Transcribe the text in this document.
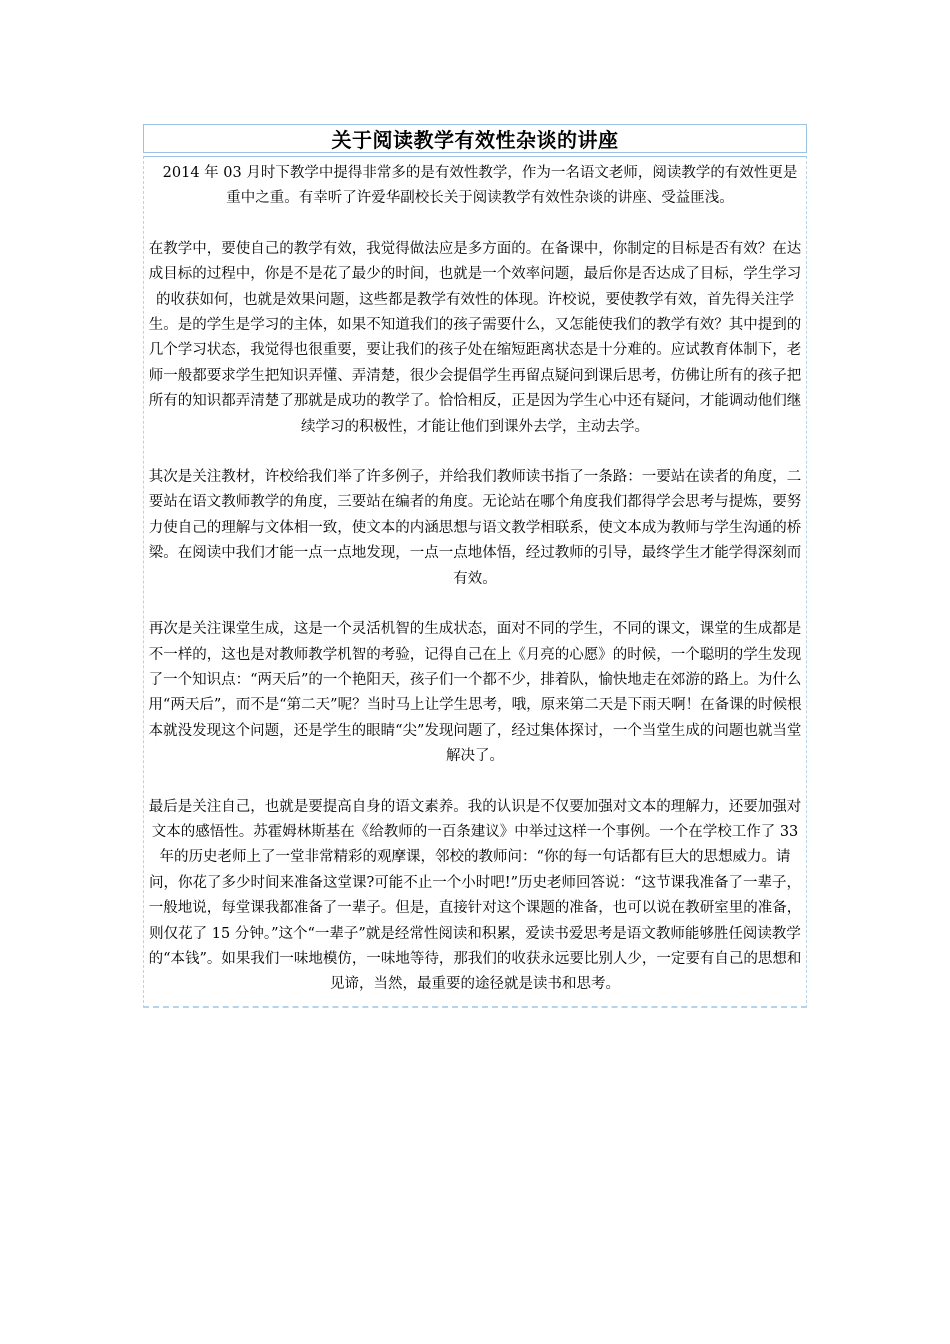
关于阅读教学有效性杂谈的讲座

2014 年 03 月时下教学中提得非常多的是有效性教学，作为一名语文老师，阅读教学的有效性更是重中之重。有幸听了许爱华副校长关于阅读教学有效性杂谈的讲座、受益匪浅。

在教学中，要使自己的教学有效，我觉得做法应是多方面的。在备课中，你制定的目标是否有效？在达成目标的过程中，你是不是花了最少的时间，也就是一个效率问题，最后你是否达成了目标，学生学习的收获如何，也就是效果问题，这些都是教学有效性的体现。许校说，要使教学有效，首先得关注学生。是的学生是学习的主体，如果不知道我们的孩子需要什么，又怎能使我们的教学有效？其中提到的几个学习状态，我觉得也很重要，要让我们的孩子处在缩短距离状态是十分难的。应试教育体制下，老师一般都要求学生把知识弄懂、弄清楚，很少会提倡学生再留点疑问到课后思考，仿佛让所有的孩子把所有的知识都弄清楚了那就是成功的教学了。恰恰相反，正是因为学生心中还有疑问，才能调动他们继续学习的积极性，才能让他们到课外去学，主动去学。

其次是关注教材，许校给我们举了许多例子，并给我们教师读书指了一条路：一要站在读者的角度，二要站在语文教师教学的角度，三要站在编者的角度。无论站在哪个角度我们都得学会思考与提炼，要努力使自己的理解与文体相一致，使文本的内涵思想与语文教学相联系，使文本成为教师与学生沟通的桥梁。在阅读中我们才能一点一点地发现，一点一点地体悟，经过教师的引导，最终学生才能学得深刻而有效。

再次是关注课堂生成，这是一个灵活机智的生成状态，面对不同的学生，不同的课文，课堂的生成都是不一样的，这也是对教师教学机智的考验，记得自己在上《月亮的心愿》的时候，一个聪明的学生发现了一个知识点：“两天后”的一个艳阳天，孩子们一个都不少，排着队，愉快地走在郊游的路上。为什么用“两天后”，而不是“第二天”呢？当时马上让学生思考，哦，原来第二天是下雨天啊！在备课的时候根本就没发现这个问题，还是学生的眼睛“尖”发现问题了，经过集体探讨，一个当堂生成的问题也就当堂解决了。

最后是关注自己，也就是要提高自身的语文素养。我的认识是不仅要加强对文本的理解力，还要加强对文本的感悟性。苏霍姆林斯基在《给教师的一百条建议》中举过这样一个事例。一个在学校工作了 33 年的历史老师上了一堂非常精彩的观摩课，邻校的教师问：“你的每一句话都有巨大的思想威力。请问，你花了多少时间来准备这堂课?可能不止一个小时吧!”历史老师回答说：“这节课我准备了一辈子，一般地说，每堂课我都准备了一辈子。但是，直接针对这个课题的准备，也可以说在教研室里的准备，则仅花了 15 分钟。”这个“一辈子”就是经常性阅读和积累，爱读书爱思考是语文教师能够胜任阅读教学的“本钱”。如果我们一味地模仿，一味地等待，那我们的收获永远要比别人少，一定要有自己的思想和见谛，当然，最重要的途径就是读书和思考。
